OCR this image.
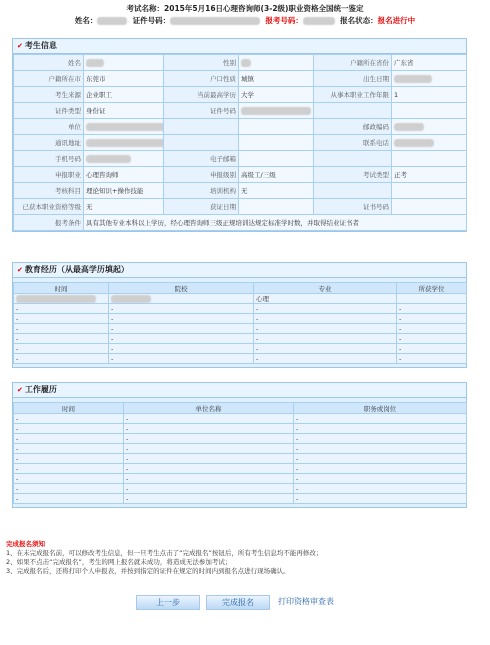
考试名称：2015年5月16日心理咨询师(3-2级)职业资格全国统一鉴定
姓名：	证件号码：	报考号码：	报名状态：报名进行中
✔ 考生信息
姓名		性别		户籍所在省份	广东省
户籍所在市	东莞市	户口性质	城镇	出生日期	
考生来源	企业职工	当前最高学历	大学	从事本职业工作年限	1
证件类型	身份证	证件号码			
单位				邮政编码	
通讯地址				联系电话	
手机号码		电子邮箱			
申报职业	心理咨询师	申报级别	高级工/三级	考试类型	正考
考核科目	理论知识+操作技能	培训机构	无		
已获本职业资格等级	无	获证日期		证书号码	
报考条件	具有其他专业本科以上学历，经心理咨询师三级正规培训达规定标准学时数，并取得结业证书者				
✔ 教育经历（从最高学历填起）
时间	院校	专业	所获学位
		心理	
-	-	-	-
-	-	-	-
-	-	-	-
-	-	-	-
-	-	-	-
-	-	-	-
✔ 工作履历
时间	单位名称	职务或岗位
-	-	-
-	-	-
-	-	-
-	-	-
-	-	-
-	-	-
-	-	-
-	-	-
-	-	-
完成报名须知
1、在未完成报名前，可以修改考生信息，但一旦考生点击了“完成报名”按钮后，所有考生信息均不能再修改；
2、如果不点击“完成报名”，考生的网上报名就未成功，将造成无法参加考试；
3、完成报名后，还将打印个人申报表，并按到指定的证件在规定的时间内到报名点进行现场确认。
上一步	完成报名	打印资格审查表
